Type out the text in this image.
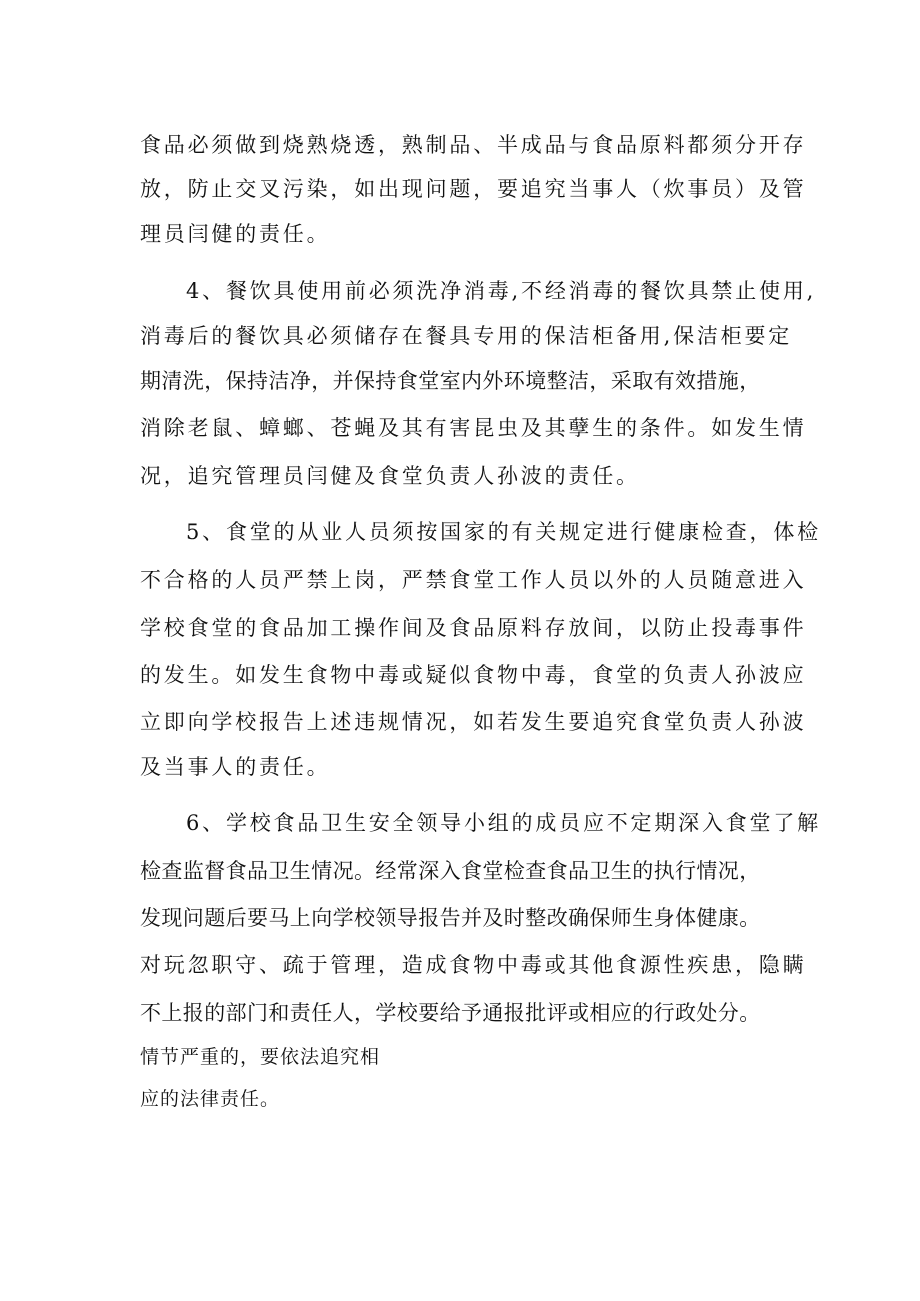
食品必须做到烧熟烧透，熟制品、半成品与食品原料都须分开存
放，防止交叉污染，如出现问题，要追究当事人（炊事员）及管
理员闫健的责任。
4、餐饮具使用前必须洗净消毒,不经消毒的餐饮具禁止使用,
消毒后的餐饮具必须储存在餐具专用的保洁柜备用,保洁柜要定
期清洗，保持洁净，并保持食堂室内外环境整洁，采取有效措施，
消除老鼠、蟑螂、苍蝇及其有害昆虫及其孽生的条件。如发生情
况，追究管理员闫健及食堂负责人孙波的责任。
5、食堂的从业人员须按国家的有关规定进行健康检查，体检
不合格的人员严禁上岗，严禁食堂工作人员以外的人员随意进入
学校食堂的食品加工操作间及食品原料存放间，以防止投毒事件
的发生。如发生食物中毒或疑似食物中毒，食堂的负责人孙波应
立即向学校报告上述违规情况，如若发生要追究食堂负责人孙波
及当事人的责任。
6、学校食品卫生安全领导小组的成员应不定期深入食堂了解
检查监督食品卫生情况。经常深入食堂检查食品卫生的执行情况，
发现问题后要马上向学校领导报告并及时整改确保师生身体健康。
对玩忽职守、疏于管理，造成食物中毒或其他食源性疾患，隐瞒
不上报的部门和责任人，学校要给予通报批评或相应的行政处分。
情节严重的，要依法追究相
应的法律责任。
